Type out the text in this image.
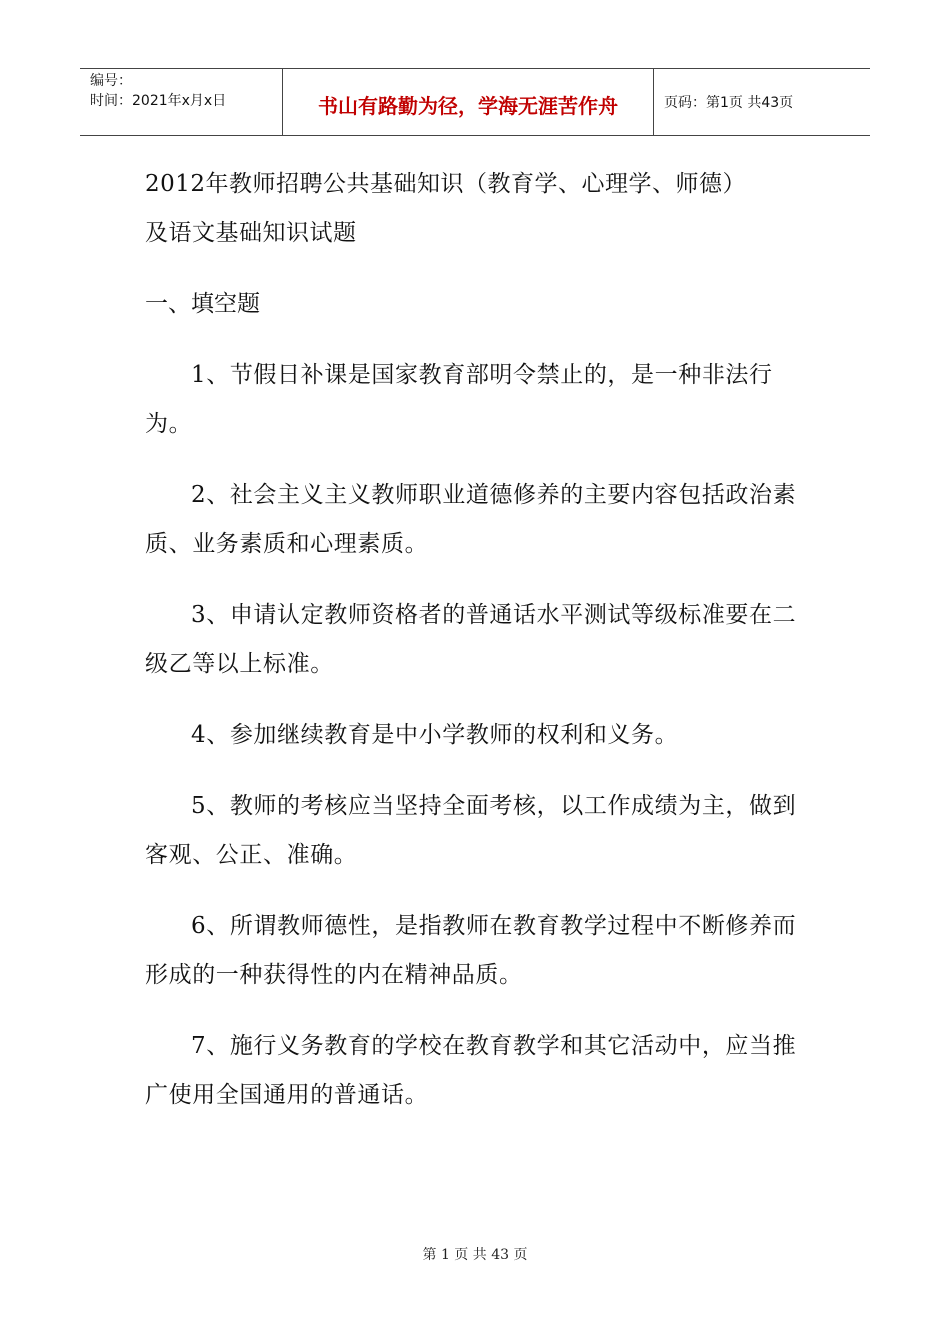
编号：
时间：2021年x月x日	书山有路勤为径，学海无涯苦作舟	页码：第1页 共43页

2012年教师招聘公共基础知识（教育学、心理学、师德）

及语文基础知识试题

一、填空题

1、节假日补课是国家教育部明令禁止的，是一种非法行为。

2、社会主义主义教师职业道德修养的主要内容包括政治素质、业务素质和心理素质。

3、申请认定教师资格者的普通话水平测试等级标准要在二级乙等以上标准。

4、参加继续教育是中小学教师的权利和义务。

5、教师的考核应当坚持全面考核，以工作成绩为主，做到客观、公正、准确。

6、所谓教师德性，是指教师在教育教学过程中不断修养而形成的一种获得性的内在精神品质。

7、施行义务教育的学校在教育教学和其它活动中，应当推广使用全国通用的普通话。

第 1 页 共 43 页
